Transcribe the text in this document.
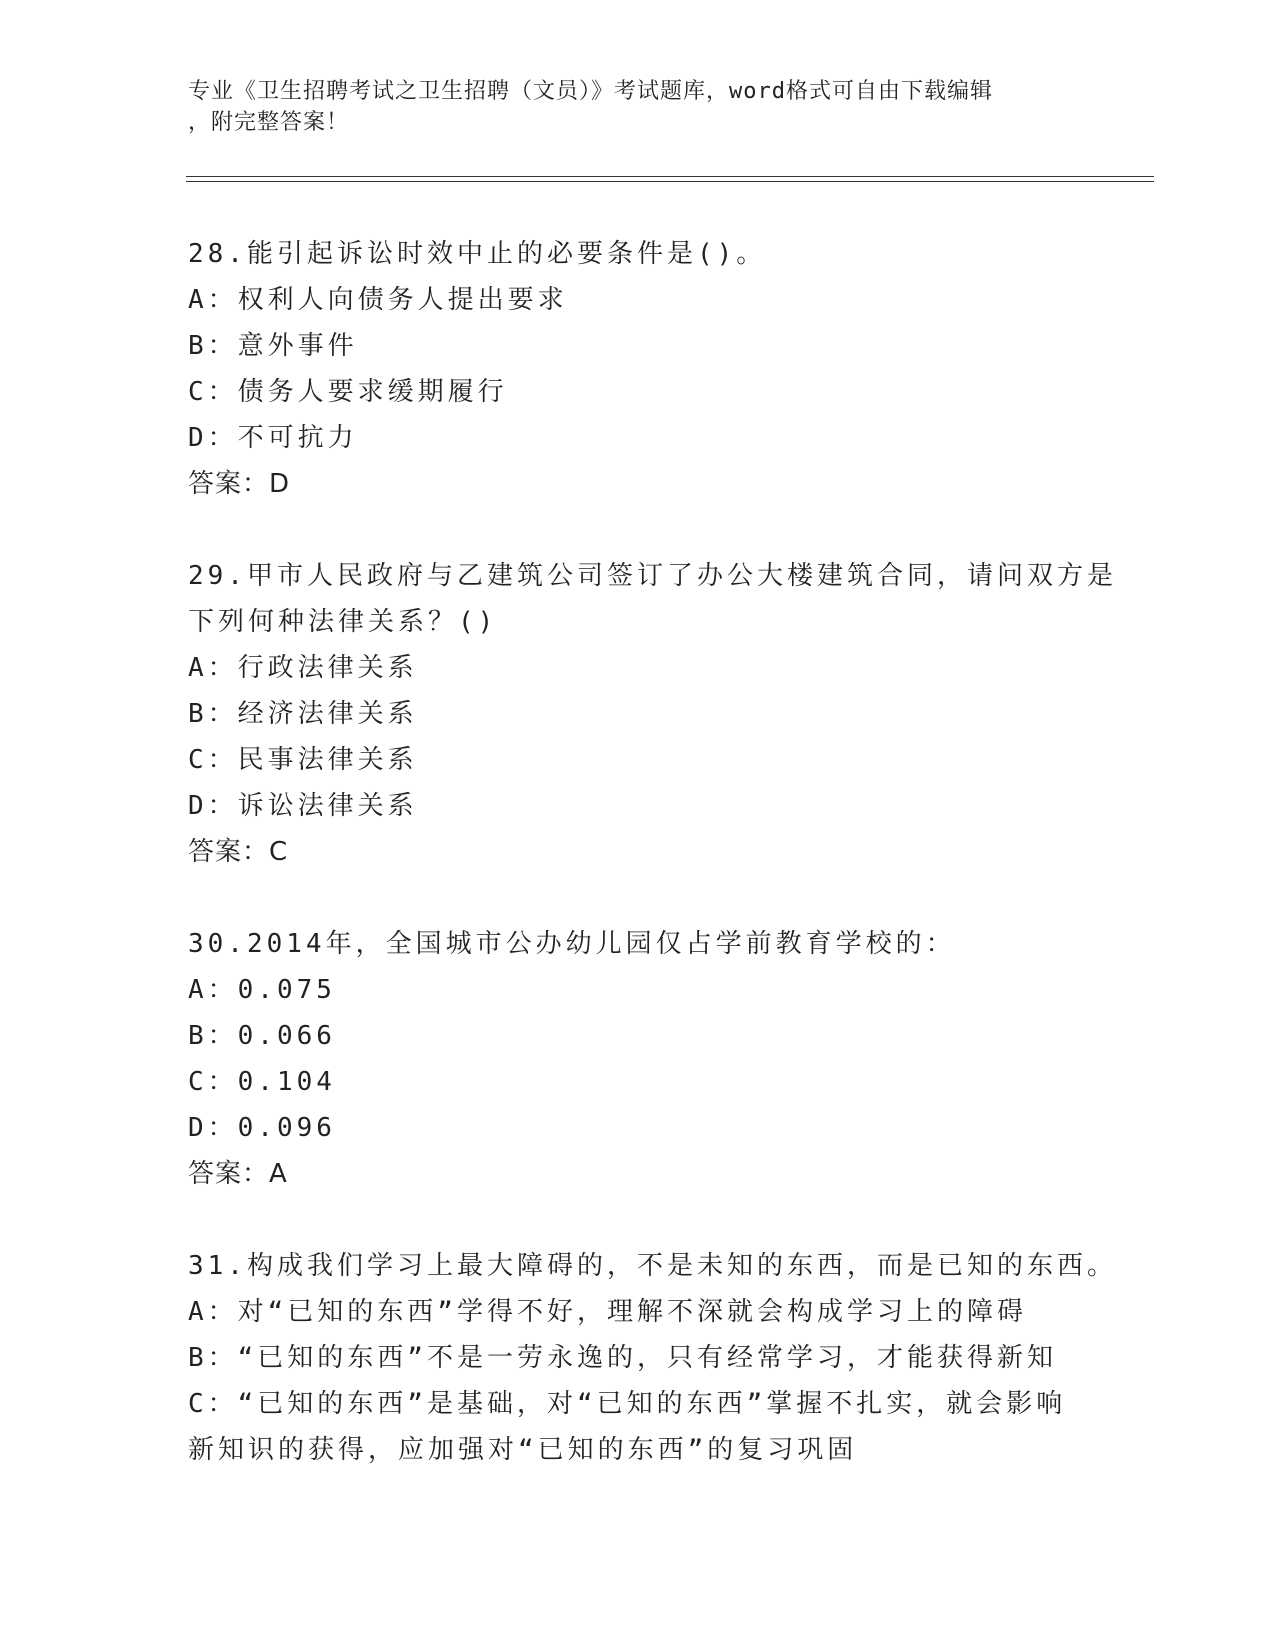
专业《卫生招聘考试之卫生招聘（文员）》考试题库，word格式可自由下载编辑
，附完整答案！
28.能引起诉讼时效中止的必要条件是()。
A：权利人向债务人提出要求
B：意外事件
C：债务人要求缓期履行
D：不可抗力
答案：D
29.甲市人民政府与乙建筑公司签订了办公大楼建筑合同，请问双方是
下列何种法律关系？()
A：行政法律关系
B：经济法律关系
C：民事法律关系
D：诉讼法律关系
答案：C
30.2014年，全国城市公办幼儿园仅占学前教育学校的：
A：0.075
B：0.066
C：0.104
D：0.096
答案：A
31.构成我们学习上最大障碍的，不是未知的东西，而是已知的东西。
A：对“已知的东西”学得不好，理解不深就会构成学习上的障碍
B：“已知的东西”不是一劳永逸的，只有经常学习，才能获得新知
C：“已知的东西”是基础，对“已知的东西”掌握不扎实，就会影响
新知识的获得，应加强对“已知的东西”的复习巩固
